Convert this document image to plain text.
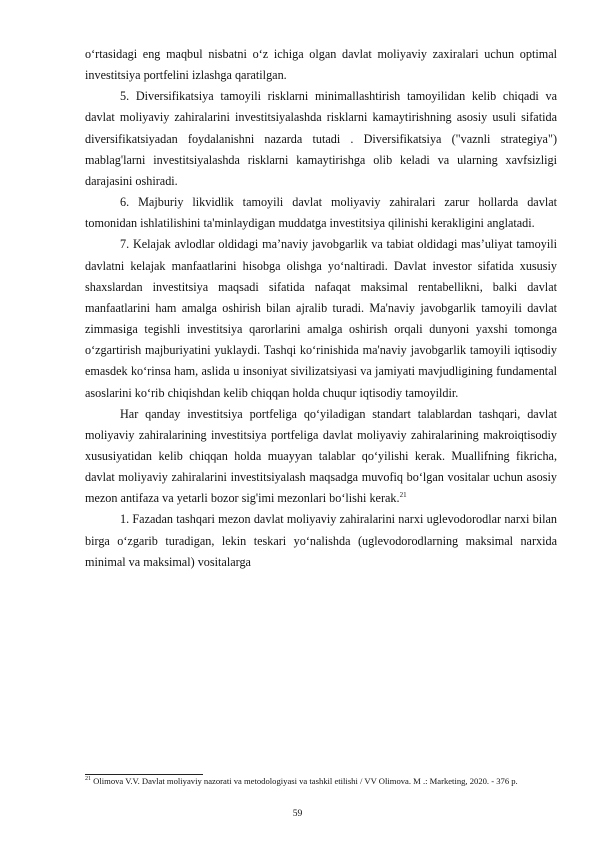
o‘rtasidagi eng maqbul nisbatni o‘z ichiga olgan davlat moliyaviy zaxiralari uchun optimal investitsiya portfelini izlashga qaratilgan.

5. Diversifikatsiya tamoyili risklarni minimallashtirish tamoyilidan kelib chiqadi va davlat moliyaviy zahiralarini investitsiyalashda risklarni kamaytirishning asosiy usuli sifatida diversifikatsiyadan foydalanishni nazarda tutadi . Diversifikatsiya ("vaznli strategiya") mablag'larni investitsiyalashda risklarni kamaytirishga olib keladi va ularning xavfsizligi darajasini oshiradi.

6. Majburiy likvidlik tamoyili davlat moliyaviy zahiralari zarur hollarda davlat tomonidan ishlatilishini ta'minlaydigan muddatga investitsiya qilinishi kerakligini anglatadi.

7. Kelajak avlodlar oldidagi ma’naviy javobgarlik va tabiat oldidagi mas’uliyat tamoyili davlatni kelajak manfaatlarini hisobga olishga yo‘naltiradi. Davlat investor sifatida xususiy shaxslardan investitsiya maqsadi sifatida nafaqat maksimal rentabellikni, balki davlat manfaatlarini ham amalga oshirish bilan ajralib turadi. Ma'naviy javobgarlik tamoyili davlat zimmasiga tegishli investitsiya qarorlarini amalga oshirish orqali dunyoni yaxshi tomonga o‘zgartirish majburiyatini yuklaydi. Tashqi ko‘rinishida ma'naviy javobgarlik tamoyili iqtisodiy emasdek ko‘rinsa ham, aslida u insoniyat sivilizatsiyasi va jamiyati mavjudligining fundamental asoslarini ko‘rib chiqishdan kelib chiqqan holda chuqur iqtisodiy tamoyildir.

Har qanday investitsiya portfeliga qo‘yiladigan standart talablardan tashqari, davlat moliyaviy zahiralarining investitsiya portfeliga davlat moliyaviy zahiralarining makroiqtisodiy xususiyatidan kelib chiqqan holda muayyan talablar qo‘yilishi kerak. Muallifning fikricha, davlat moliyaviy zahiralarini investitsiyalash maqsadga muvofiq bo‘lgan vositalar uchun asosiy mezon antifaza va yetarli bozor sig'imi mezonlari bo‘lishi kerak.$^{21}$

1. Fazadan tashqari mezon davlat moliyaviy zahiralarini narxi uglevodorodlar narxi bilan birga o‘zgarib turadigan, lekin teskari yo‘nalishda (uglevodorodlarning maksimal narxida minimal va maksimal) vositalarga

$^{21}$ Olimova V.V. Davlat moliyaviy nazorati va metodologiyasi va tashkil etilishi / VV Olimova. M .: Marketing, 2020. - 376 p.

59
